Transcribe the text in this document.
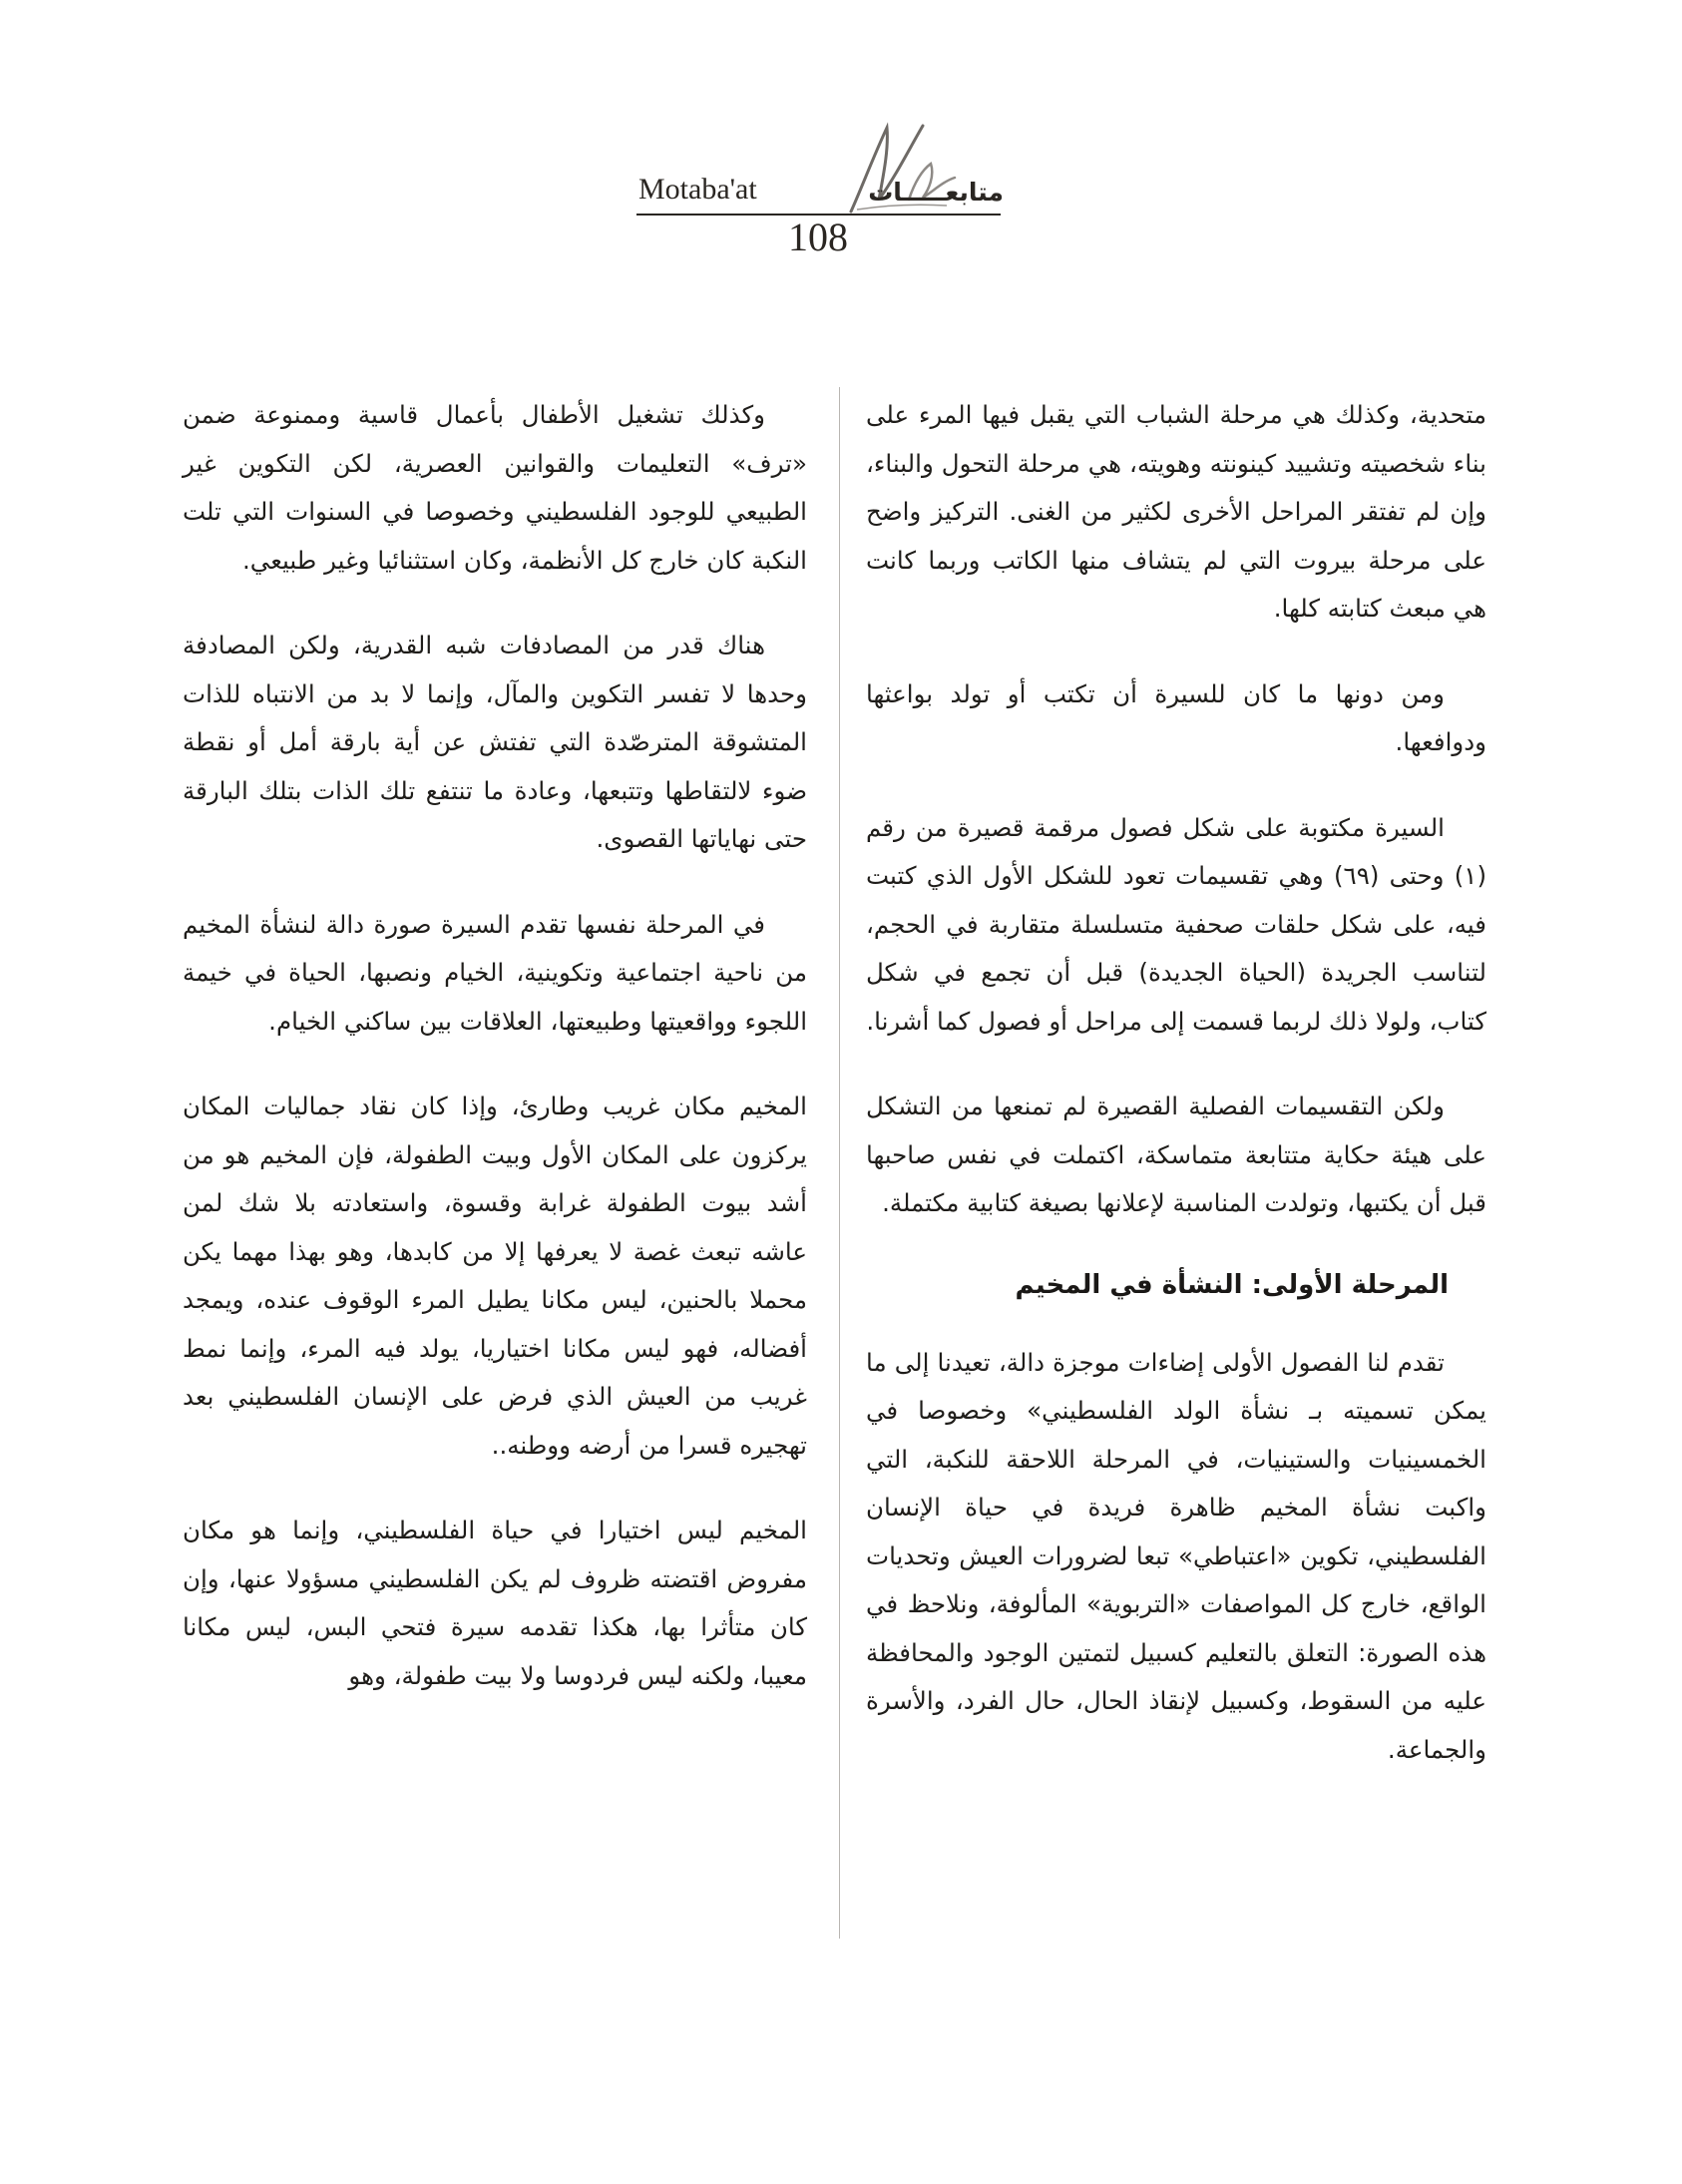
Motaba'at	متابعـــــات
108

متحدية، وكذلك هي مرحلة الشباب التي يقبل فيها المرء على بناء شخصيته وتشييد كينونته وهويته، هي مرحلة التحول والبناء، وإن لم تفتقر المراحل الأخرى لكثير من الغنى. التركيز واضح على مرحلة بيروت التي لم يتشاف منها الكاتب وربما كانت هي مبعث كتابته كلها.

ومن دونها ما كان للسيرة أن تكتب أو تولد بواعثها ودوافعها.

السيرة مكتوبة على شكل فصول مرقمة قصيرة من رقم (١) وحتى (٦٩) وهي تقسيمات تعود للشكل الأول الذي كتبت فيه، على شكل حلقات صحفية متسلسلة متقاربة في الحجم، لتناسب الجريدة (الحياة الجديدة) قبل أن تجمع في شكل كتاب، ولولا ذلك لربما قسمت إلى مراحل أو فصول كما أشرنا.

ولكن التقسيمات الفصلية القصيرة لم تمنعها من التشكل على هيئة حكاية متتابعة متماسكة، اكتملت في نفس صاحبها قبل أن يكتبها، وتولدت المناسبة لإعلانها بصيغة كتابية مكتملة.

المرحلة الأولى: النشأة في المخيم

تقدم لنا الفصول الأولى إضاءات موجزة دالة، تعيدنا إلى ما يمكن تسميته بـ نشأة الولد الفلسطيني» وخصوصا في الخمسينيات والستينيات، في المرحلة اللاحقة للنكبة، التي واكبت نشأة المخيم ظاهرة فريدة في حياة الإنسان الفلسطيني، تكوين «اعتباطي» تبعا لضرورات العيش وتحديات الواقع، خارج كل المواصفات «التربوية» المألوفة، ونلاحظ في هذه الصورة: التعلق بالتعليم كسبيل لتمتين الوجود والمحافظة عليه من السقوط، وكسبيل لإنقاذ الحال، حال الفرد، والأسرة والجماعة.

وكذلك تشغيل الأطفال بأعمال قاسية وممنوعة ضمن «ترف» التعليمات والقوانين العصرية، لكن التكوين غير الطبيعي للوجود الفلسطيني وخصوصا في السنوات التي تلت النكبة كان خارج كل الأنظمة، وكان استثنائيا وغير طبيعي.

هناك قدر من المصادفات شبه القدرية، ولكن المصادفة وحدها لا تفسر التكوين والمآل، وإنما لا بد من الانتباه للذات المتشوقة المترصّدة التي تفتش عن أية بارقة أمل أو نقطة ضوء لالتقاطها وتتبعها، وعادة ما تنتفع تلك الذات بتلك البارقة حتى نهاياتها القصوى.

في المرحلة نفسها تقدم السيرة صورة دالة لنشأة المخيم من ناحية اجتماعية وتكوينية، الخيام ونصبها، الحياة في خيمة اللجوء وواقعيتها وطبيعتها، العلاقات بين ساكني الخيام.

المخيم مكان غريب وطارئ، وإذا كان نقاد جماليات المكان يركزون على المكان الأول وبيت الطفولة، فإن المخيم هو من أشد بيوت الطفولة غرابة وقسوة، واستعادته بلا شك لمن عاشه تبعث غصة لا يعرفها إلا من كابدها، وهو بهذا مهما يكن محملا بالحنين، ليس مكانا يطيل المرء الوقوف عنده، ويمجد أفضاله، فهو ليس مكانا اختياريا، يولد فيه المرء، وإنما نمط غريب من العيش الذي فرض على الإنسان الفلسطيني بعد تهجيره قسرا من أرضه ووطنه..

المخيم ليس اختيارا في حياة الفلسطيني، وإنما هو مكان مفروض اقتضته ظروف لم يكن الفلسطيني مسؤولا عنها، وإن كان متأثرا بها، هكذا تقدمه سيرة فتحي البس، ليس مكانا معيبا، ولكنه ليس فردوسا ولا بيت طفولة، وهو
